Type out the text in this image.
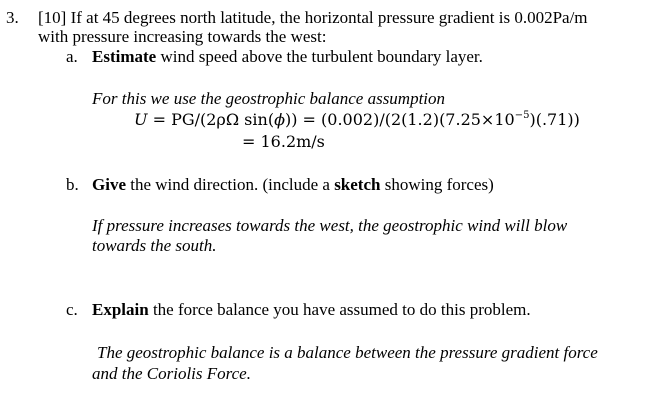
3. [10] If at 45 degrees north latitude, the horizontal pressure gradient is 0.002Pa/m
with pressure increasing towards the west:
a. Estimate wind speed above the turbulent boundary layer.
For this we use the geostrophic balance assumption
U = PG/(2ρΩ $\sin(\phi)) = (0.002)/(2(1.2)(7.25\times 10^{-5})(.71))$
= 16.2m/s
b. Give the wind direction. (include a sketch showing forces)
If pressure increases towards the west, the geostrophic wind will blow
towards the south.
c. Explain the force balance you have assumed to do this problem.
The geostrophic balance is a balance between the pressure gradient force
and the Coriolis Force.
